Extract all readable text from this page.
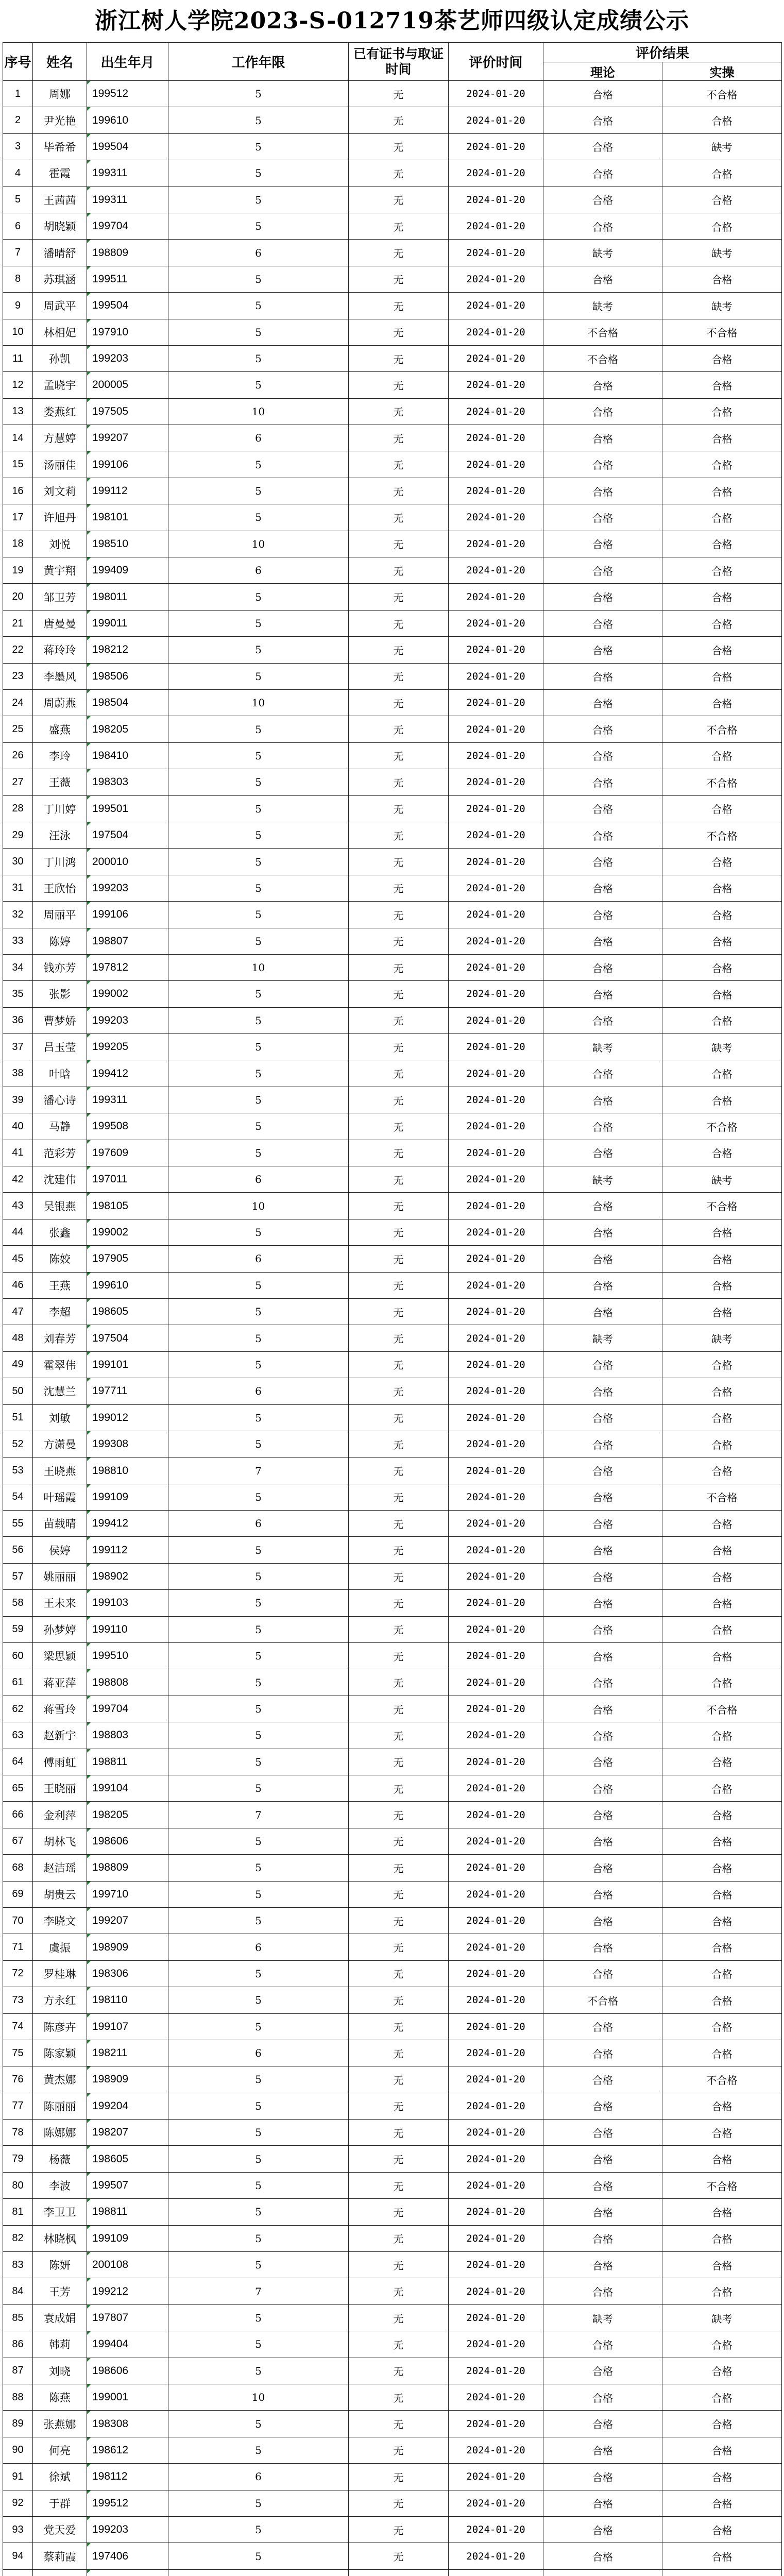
浙江树人学院2023-S-012719茶艺师四级认定成绩公示
序号	姓名	出生年月	工作年限	已有证书与取证时间	评价时间	评价结果	
						理论	实操
1	周娜	199512	5	无	2024-01-20	合格	不合格
2	尹光艳	199610	5	无	2024-01-20	合格	合格
3	毕希希	199504	5	无	2024-01-20	合格	缺考
4	霍霞	199311	5	无	2024-01-20	合格	合格
5	王茜茜	199311	5	无	2024-01-20	合格	合格
6	胡晓颖	199704	5	无	2024-01-20	合格	合格
7	潘晴舒	198809	6	无	2024-01-20	缺考	缺考
8	苏琪涵	199511	5	无	2024-01-20	合格	合格
9	周武平	199504	5	无	2024-01-20	缺考	缺考
10	林相妃	197910	5	无	2024-01-20	不合格	不合格
11	孙凯	199203	5	无	2024-01-20	不合格	合格
12	孟晓宇	200005	5	无	2024-01-20	合格	合格
13	娄燕红	197505	10	无	2024-01-20	合格	合格
14	方慧婷	199207	6	无	2024-01-20	合格	合格
15	汤丽佳	199106	5	无	2024-01-20	合格	合格
16	刘文莉	199112	5	无	2024-01-20	合格	合格
17	许旭丹	198101	5	无	2024-01-20	合格	合格
18	刘悦	198510	10	无	2024-01-20	合格	合格
19	黄宇翔	199409	6	无	2024-01-20	合格	合格
20	邹卫芳	198011	5	无	2024-01-20	合格	合格
21	唐曼曼	199011	5	无	2024-01-20	合格	合格
22	蒋玲玲	198212	5	无	2024-01-20	合格	合格
23	李墨风	198506	5	无	2024-01-20	合格	合格
24	周蔚燕	198504	10	无	2024-01-20	合格	合格
25	盛燕	198205	5	无	2024-01-20	合格	不合格
26	李玲	198410	5	无	2024-01-20	合格	合格
27	王薇	198303	5	无	2024-01-20	合格	不合格
28	丁川婷	199501	5	无	2024-01-20	合格	合格
29	汪泳	197504	5	无	2024-01-20	合格	不合格
30	丁川鸿	200010	5	无	2024-01-20	合格	合格
31	王欣怡	199203	5	无	2024-01-20	合格	合格
32	周丽平	199106	5	无	2024-01-20	合格	合格
33	陈婷	198807	5	无	2024-01-20	合格	合格
34	钱亦芳	197812	10	无	2024-01-20	合格	合格
35	张影	199002	5	无	2024-01-20	合格	合格
36	曹梦娇	199203	5	无	2024-01-20	合格	合格
37	吕玉莹	199205	5	无	2024-01-20	缺考	缺考
38	叶晗	199412	5	无	2024-01-20	合格	合格
39	潘心诗	199311	5	无	2024-01-20	合格	合格
40	马静	199508	5	无	2024-01-20	合格	不合格
41	范彩芳	197609	5	无	2024-01-20	合格	合格
42	沈建伟	197011	6	无	2024-01-20	缺考	缺考
43	吴银燕	198105	10	无	2024-01-20	合格	不合格
44	张鑫	199002	5	无	2024-01-20	合格	合格
45	陈姣	197905	6	无	2024-01-20	合格	合格
46	王燕	199610	5	无	2024-01-20	合格	合格
47	李超	198605	5	无	2024-01-20	合格	合格
48	刘春芳	197504	5	无	2024-01-20	缺考	缺考
49	霍翠伟	199101	5	无	2024-01-20	合格	合格
50	沈慧兰	197711	6	无	2024-01-20	合格	合格
51	刘敏	199012	5	无	2024-01-20	合格	合格
52	方潇曼	199308	5	无	2024-01-20	合格	合格
53	王晓燕	198810	7	无	2024-01-20	合格	合格
54	叶瑶霞	199109	5	无	2024-01-20	合格	不合格
55	苗载晴	199412	6	无	2024-01-20	合格	合格
56	侯婷	199112	5	无	2024-01-20	合格	合格
57	姚丽丽	198902	5	无	2024-01-20	合格	合格
58	王未来	199103	5	无	2024-01-20	合格	合格
59	孙梦婷	199110	5	无	2024-01-20	合格	合格
60	梁思颖	199510	5	无	2024-01-20	合格	合格
61	蒋亚萍	198808	5	无	2024-01-20	合格	合格
62	蒋雪玲	199704	5	无	2024-01-20	合格	不合格
63	赵新宇	198803	5	无	2024-01-20	合格	合格
64	傅雨虹	198811	5	无	2024-01-20	合格	合格
65	王晓丽	199104	5	无	2024-01-20	合格	合格
66	金利萍	198205	7	无	2024-01-20	合格	合格
67	胡林飞	198606	5	无	2024-01-20	合格	合格
68	赵洁瑶	198809	5	无	2024-01-20	合格	合格
69	胡贵云	199710	5	无	2024-01-20	合格	合格
70	李晓文	199207	5	无	2024-01-20	合格	合格
71	虞振	198909	6	无	2024-01-20	合格	合格
72	罗桂琳	198306	5	无	2024-01-20	合格	合格
73	方永红	198110	5	无	2024-01-20	不合格	合格
74	陈彦卉	199107	5	无	2024-01-20	合格	合格
75	陈家颖	198211	6	无	2024-01-20	合格	合格
76	黄杰娜	198909	5	无	2024-01-20	合格	不合格
77	陈丽丽	199204	5	无	2024-01-20	合格	合格
78	陈娜娜	198207	5	无	2024-01-20	合格	合格
79	杨薇	198605	5	无	2024-01-20	合格	合格
80	李波	199507	5	无	2024-01-20	合格	不合格
81	李卫卫	198811	5	无	2024-01-20	合格	合格
82	林晓枫	199109	5	无	2024-01-20	合格	合格
83	陈妍	200108	5	无	2024-01-20	合格	合格
84	王芳	199212	7	无	2024-01-20	合格	合格
85	袁成娟	197807	5	无	2024-01-20	缺考	缺考
86	韩莉	199404	5	无	2024-01-20	合格	合格
87	刘晓	198606	5	无	2024-01-20	合格	合格
88	陈燕	199001	10	无	2024-01-20	合格	合格
89	张燕娜	198308	5	无	2024-01-20	合格	合格
90	何亮	198612	5	无	2024-01-20	合格	合格
91	徐斌	198112	6	无	2024-01-20	合格	合格
92	于群	199512	5	无	2024-01-20	合格	合格
93	党天爱	199203	5	无	2024-01-20	合格	合格
94	蔡莉霞	197406	5	无	2024-01-20	合格	合格
